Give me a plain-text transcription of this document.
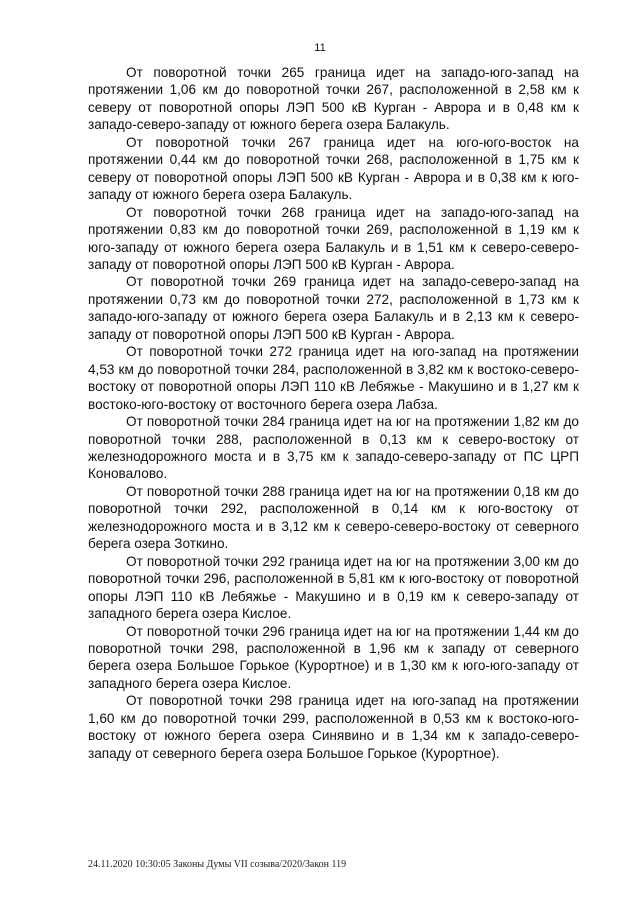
11

От поворотной точки 265 граница идет на западо-юго-запад на протяжении 1,06 км до поворотной точки 267, расположенной в 2,58 км к северу от поворотной опоры ЛЭП 500 кВ Курган - Аврора и в 0,48 км к западо-северо-западу от южного берега озера Балакуль.

От поворотной точки 267 граница идет на юго-юго-восток на протяжении 0,44 км до поворотной точки 268, расположенной в 1,75 км к северу от поворотной опоры ЛЭП 500 кВ Курган - Аврора и в 0,38 км к юго-западу от южного берега озера Балакуль.

От поворотной точки 268 граница идет на западо-юго-запад на протяжении 0,83 км до поворотной точки 269, расположенной в 1,19 км к юго-западу от южного берега озера Балакуль и в 1,51 км к северо-северо-западу от поворотной опоры ЛЭП 500 кВ Курган - Аврора.

От поворотной точки 269 граница идет на западо-северо-запад на протяжении 0,73 км до поворотной точки 272, расположенной в 1,73 км к западо-юго-западу от южного берега озера Балакуль и в 2,13 км к северо-западу от поворотной опоры ЛЭП 500 кВ Курган - Аврора.

От поворотной точки 272 граница идет на юго-запад на протяжении 4,53 км до поворотной точки 284, расположенной в 3,82 км к востоко-северо-востоку от поворотной опоры ЛЭП 110 кВ Лебяжье - Макушино и в 1,27 км к востоко-юго-востоку от восточного берега озера Лабза.

От поворотной точки 284 граница идет на юг на протяжении 1,82 км до поворотной точки 288, расположенной в 0,13 км к северо-востоку от железнодорожного моста и в 3,75 км к западо-северо-западу от ПС ЦРП Коновалово.

От поворотной точки 288 граница идет на юг на протяжении 0,18 км до поворотной точки 292, расположенной в 0,14 км к юго-востоку от железнодорожного моста и в 3,12 км к северо-северо-востоку от северного берега озера Зоткино.

От поворотной точки 292 граница идет на юг на протяжении 3,00 км до поворотной точки 296, расположенной в 5,81 км к юго-востоку от поворотной опоры ЛЭП 110 кВ Лебяжье - Макушино и в 0,19 км к северо-западу от западного берега озера Кислое.

От поворотной точки 296 граница идет на юг на протяжении 1,44 км до поворотной точки 298, расположенной в 1,96 км к западу от северного берега озера Большое Горькое (Курортное) и в 1,30 км к юго-юго-западу от западного берега озера Кислое.

От поворотной точки 298 граница идет на юго-запад на протяжении 1,60 км до поворотной точки 299, расположенной в 0,53 км к востоко-юго-востоку от южного берега озера Синявино и в 1,34 км к западо-северо-западу от северного берега озера Большое Горькое (Курортное).

24.11.2020 10:30:05 Законы Думы VII созыва/2020/Закон 119
